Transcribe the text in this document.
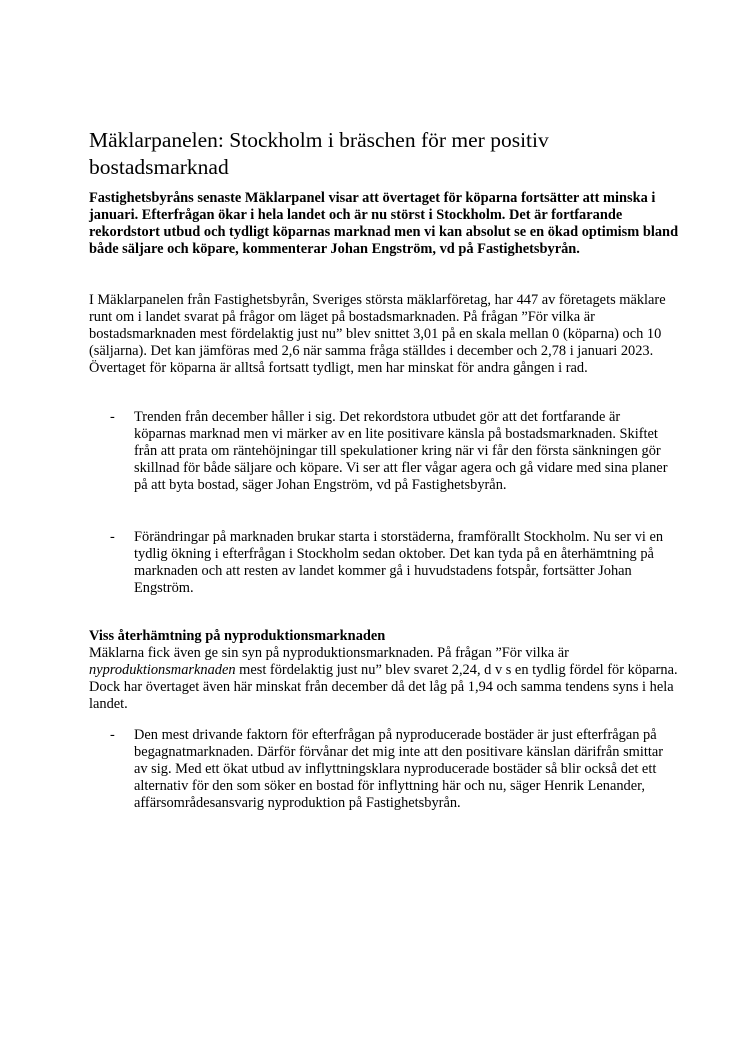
Mäklarpanelen: Stockholm i bräschen för mer positiv bostadsmarknad

Fastighetsbyråns senaste Mäklarpanel visar att övertaget för köparna fortsätter att minska i januari. Efterfrågan ökar i hela landet och är nu störst i Stockholm. Det är fortfarande rekordstort utbud och tydligt köparnas marknad men vi kan absolut se en ökad optimism bland både säljare och köpare, kommenterar Johan Engström, vd på Fastighetsbyrån.

I Mäklarpanelen från Fastighetsbyrån, Sveriges största mäklarföretag, har 447 av företagets mäklare runt om i landet svarat på frågor om läget på bostadsmarknaden. På frågan ”För vilka är bostadsmarknaden mest fördelaktig just nu” blev snittet 3,01 på en skala mellan 0 (köparna) och 10 (säljarna). Det kan jämföras med 2,6 när samma fråga ställdes i december och 2,78 i januari 2023. Övertaget för köparna är alltså fortsatt tydligt, men har minskat för andra gången i rad.

- Trenden från december håller i sig. Det rekordstora utbudet gör att det fortfarande är köparnas marknad men vi märker av en lite positivare känsla på bostadsmarknaden. Skiftet från att prata om räntehöjningar till spekulationer kring när vi får den första sänkningen gör skillnad för både säljare och köpare. Vi ser att fler vågar agera och gå vidare med sina planer på att byta bostad, säger Johan Engström, vd på Fastighetsbyrån.

- Förändringar på marknaden brukar starta i storstäderna, framförallt Stockholm. Nu ser vi en tydlig ökning i efterfrågan i Stockholm sedan oktober. Det kan tyda på en återhämtning på marknaden och att resten av landet kommer gå i huvudstadens fotspår, fortsätter Johan Engström.

Viss återhämtning på nyproduktionsmarknaden

Mäklarna fick även ge sin syn på nyproduktionsmarknaden. På frågan ”För vilka är nyproduktionsmarknaden mest fördelaktig just nu” blev svaret 2,24, d v s en tydlig fördel för köparna. Dock har övertaget även här minskat från december då det låg på 1,94 och samma tendens syns i hela landet.

- Den mest drivande faktorn för efterfrågan på nyproducerade bostäder är just efterfrågan på begagnatmarknaden. Därför förvånar det mig inte att den positivare känslan därifrån smittar av sig. Med ett ökat utbud av inflyttningsklara nyproducerade bostäder så blir också det ett alternativ för den som söker en bostad för inflyttning här och nu, säger Henrik Lenander, affärsområdesansvarig nyproduktion på Fastighetsbyrån.
